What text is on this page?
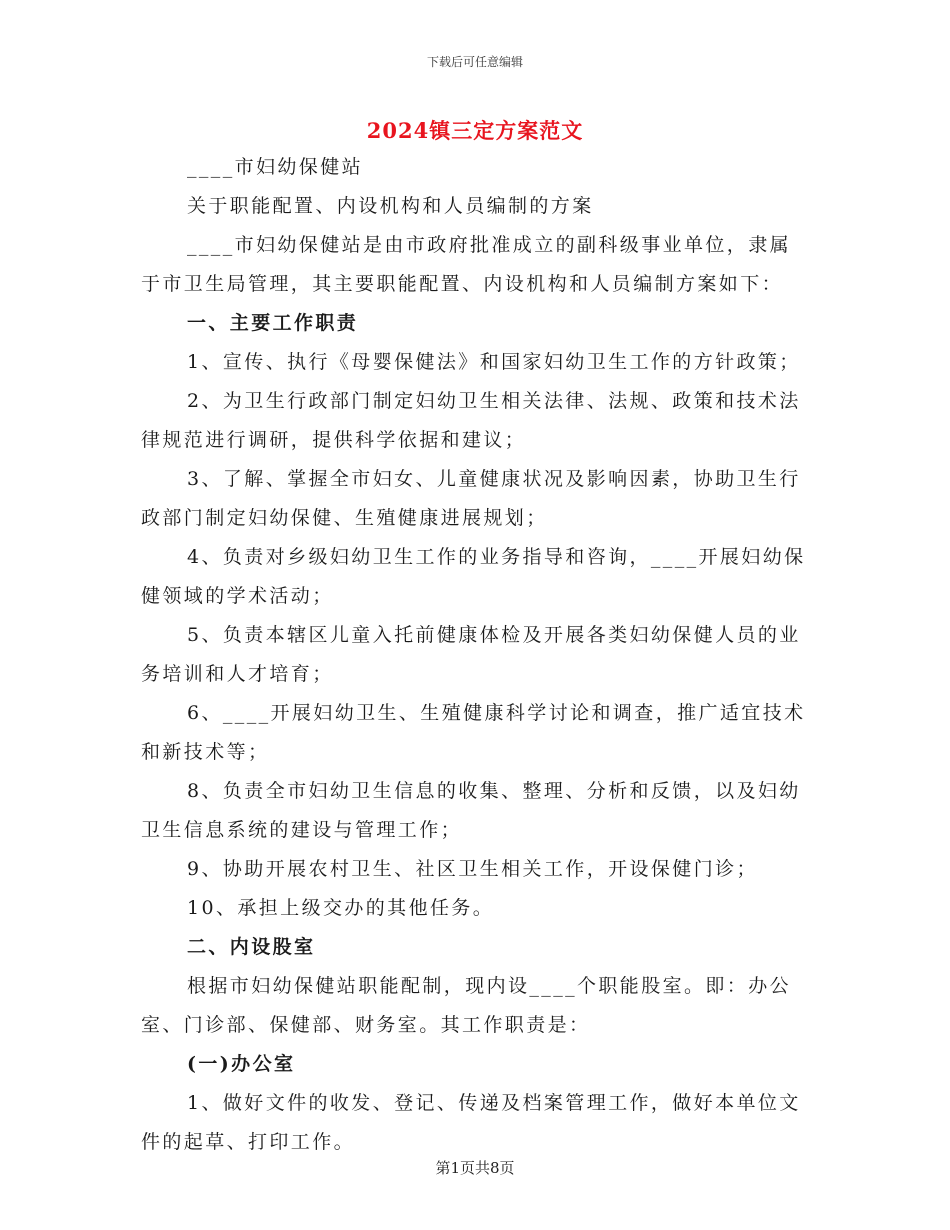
下载后可任意编辑
2024镇三定方案范文

____市妇幼保健站

关于职能配置、内设机构和人员编制的方案

____市妇幼保健站是由市政府批准成立的副科级事业单位，隶属于市卫生局管理，其主要职能配置、内设机构和人员编制方案如下：

一、主要工作职责

1、宣传、执行《母婴保健法》和国家妇幼卫生工作的方针政策；

2、为卫生行政部门制定妇幼卫生相关法律、法规、政策和技术法律规范进行调研，提供科学依据和建议；

3、了解、掌握全市妇女、儿童健康状况及影响因素，协助卫生行政部门制定妇幼保健、生殖健康进展规划；

4、负责对乡级妇幼卫生工作的业务指导和咨询，____开展妇幼保健领域的学术活动；

5、负责本辖区儿童入托前健康体检及开展各类妇幼保健人员的业务培训和人才培育；

6、____开展妇幼卫生、生殖健康科学讨论和调查，推广适宜技术和新技术等；

8、负责全市妇幼卫生信息的收集、整理、分析和反馈，以及妇幼卫生信息系统的建设与管理工作；

9、协助开展农村卫生、社区卫生相关工作，开设保健门诊；

10、承担上级交办的其他任务。

二、内设股室

根据市妇幼保健站职能配制，现内设____个职能股室。即：办公室、门诊部、保健部、财务室。其工作职责是：

(一)办公室

1、做好文件的收发、登记、传递及档案管理工作，做好本单位文件的起草、打印工作。

第1页共8页
